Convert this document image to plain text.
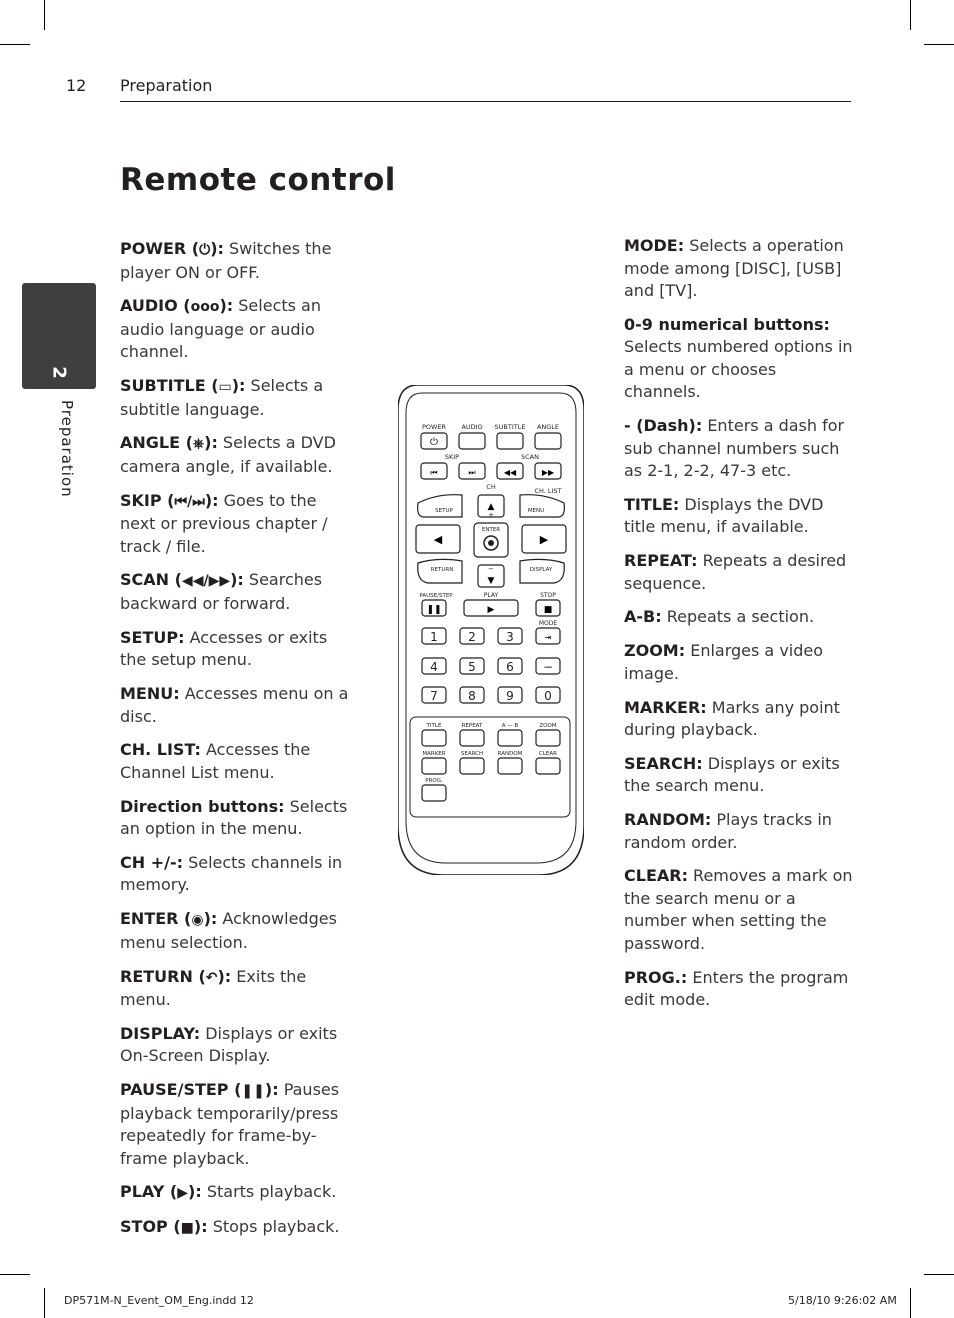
12 Preparation
2
Preparation
Remote control
POWER (⏻): Switches the player ON or OFF.
AUDIO (ooo): Selects an audio language or audio channel.
SUBTITLE (▭): Selects a subtitle language.
ANGLE (⎈): Selects a DVD camera angle, if available.
SKIP (⏮/⏭): Goes to the next or previous chapter / track / file.
SCAN (◀◀/▶▶): Searches backward or forward.
SETUP: Accesses or exits the setup menu.
MENU: Accesses menu on a disc.
CH. LIST: Accesses the Channel List menu.
Direction buttons: Selects an option in the menu.
CH +/-: Selects channels in memory.
ENTER (◉): Acknowledges menu selection.
RETURN (↶): Exits the menu.
DISPLAY: Displays or exits On-Screen Display.
PAUSE/STEP (❚❚): Pauses playback temporarily/press repeatedly for frame-by-frame playback.
PLAY (▶): Starts playback.
STOP (■): Stops playback.
MODE: Selects a operation mode among [DISC], [USB] and [TV].
0-9 numerical buttons: Selects numbered options in a menu or chooses channels.
- (Dash): Enters a dash for sub channel numbers such as 2-1, 2-2, 47-3 etc.
TITLE: Displays the DVD title menu, if available.
REPEAT: Repeats a desired sequence.
A-B: Repeats a section.
ZOOM: Enlarges a video image.
MARKER: Marks any point during playback.
SEARCH: Displays or exits the search menu.
RANDOM: Plays tracks in random order.
CLEAR: Removes a mark on the search menu or a number when setting the password.
PROG.: Enters the program edit mode.
POWER AUDIO SUBTITLE ANGLE
⏻
SKIP	SCAN
⏮	⏭	◀◀	▶▶
CH	CH. LIST
SETUP	MENU
▲
+
◀	▶
ENTER
RETURN	DISPLAY
−
▼
PAUSE/STEP	PLAY	STOP
❚❚	▶	■
MODE
1	2	3	⇥
4	5	6 −
7	8	9	0
TITLE	REPEAT	A — B	ZOOM
MARKER	SEARCH	RANDOM	CLEAR
PROG.
DP571M-N_Event_OM_Eng.indd 12	5/18/10 9:26:02 AM
